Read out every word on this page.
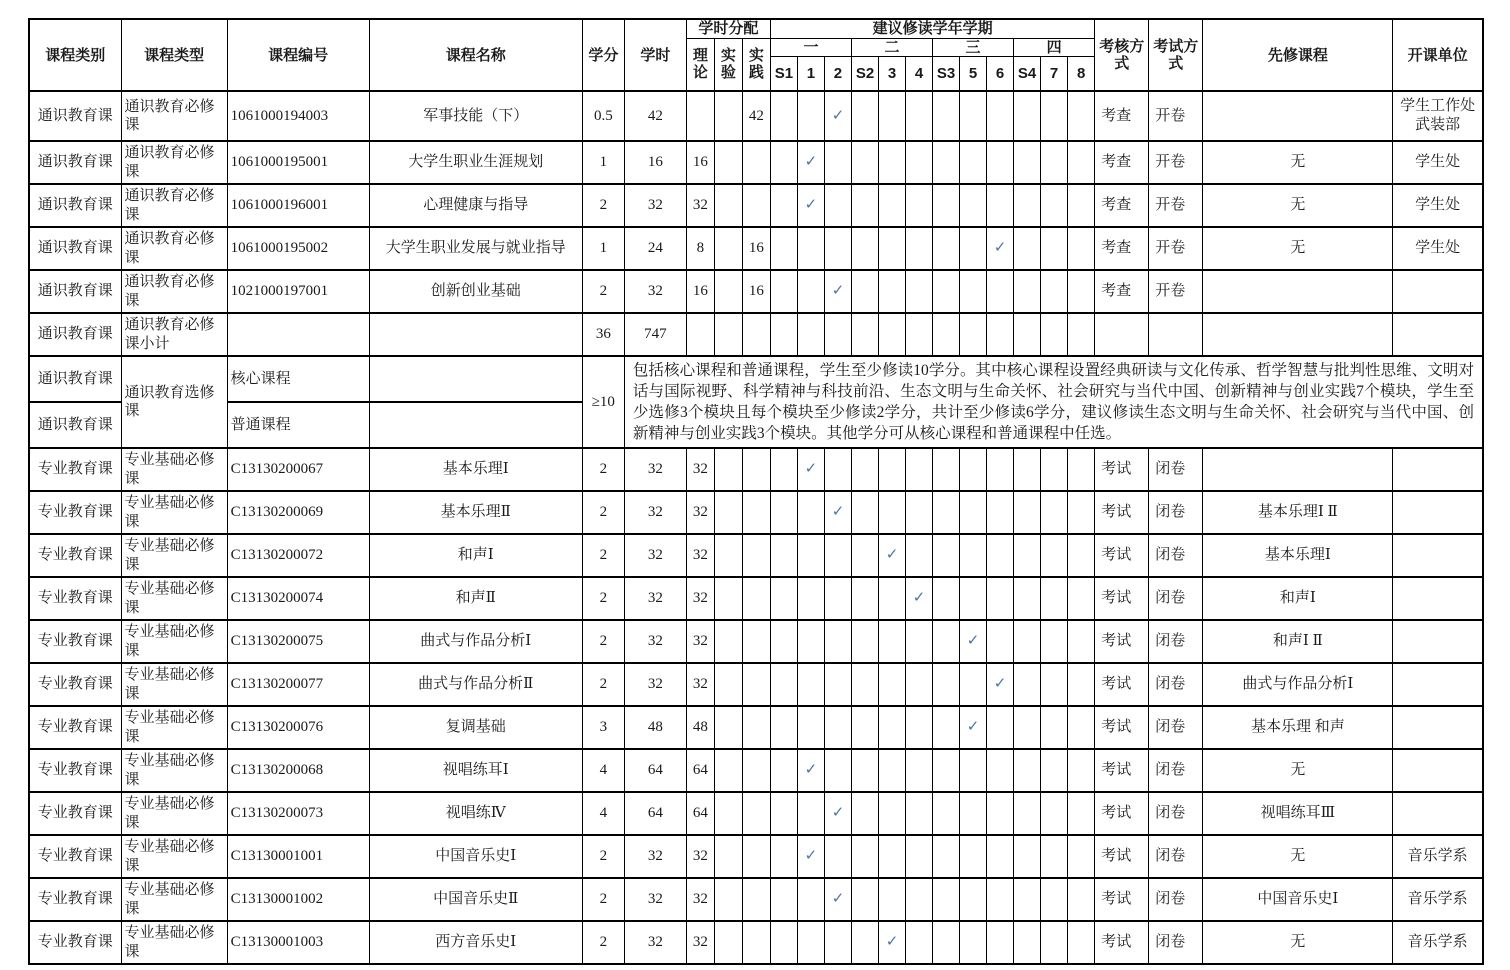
课程类别	课程类型	课程编号	课程名称	学分	学时	学时分配			建议修读学年学期												考核方式	考试方式	先修课程	开课单位
						理论	实验	实践	一			二			三			四						
									S1	1	2	S2	3	4	S3	5	6	S4	7	8				
通识教育课	通识教育必修课	1061000194003	军事技能（下）	0.5	42			42			✓										考查	开卷		学生工作处武装部
通识教育课	通识教育必修课	1061000195001	大学生职业生涯规划	1	16	16				✓											考查	开卷	无	学生处
通识教育课	通识教育必修课	1061000196001	心理健康与指导	2	32	32				✓											考查	开卷	无	学生处
通识教育课	通识教育必修课	1061000195002	大学生职业发展与就业指导	1	24	8		16									✓				考查	开卷	无	学生处
通识教育课	通识教育必修课	1021000197001	创新创业基础	2	32	16		16			✓										考查	开卷		
通识教育课	通识教育必修课小计			36	747																			
通识教育课	通识教育选修课	核心课程		≥10	包括核心课程和普通课程，学生至少修读10学分。其中核心课程设置经典研读与文化传承、哲学智慧与批判性思维、文明对话与国际视野、科学精神与科技前沿、生态文明与生命关怀、社会研究与当代中国、创新精神与创业实践7个模块，学生至少选修3个模块且每个模块至少修读2学分，共计至少修读6学分，建议修读生态文明与生命关怀、社会研究与当代中国、创新精神与创业实践3个模块。其他学分可从核心课程和普通课程中任选。																			
通识教育课		普通课程																						
专业教育课	专业基础必修课	C13130200067	基本乐理Ⅰ	2	32	32				✓											考试	闭卷		
专业教育课	专业基础必修课	C13130200069	基本乐理Ⅱ	2	32	32					✓										考试	闭卷	基本乐理Ⅰ Ⅱ	
专业教育课	专业基础必修课	C13130200072	和声Ⅰ	2	32	32							✓								考试	闭卷	基本乐理Ⅰ	
专业教育课	专业基础必修课	C13130200074	和声Ⅱ	2	32	32								✓							考试	闭卷	和声Ⅰ	
专业教育课	专业基础必修课	C13130200075	曲式与作品分析Ⅰ	2	32	32										✓					考试	闭卷	和声Ⅰ Ⅱ	
专业教育课	专业基础必修课	C13130200077	曲式与作品分析Ⅱ	2	32	32											✓				考试	闭卷	曲式与作品分析Ⅰ	
专业教育课	专业基础必修课	C13130200076	复调基础	3	48	48										✓					考试	闭卷	基本乐理 和声	
专业教育课	专业基础必修课	C13130200068	视唱练耳Ⅰ	4	64	64				✓											考试	闭卷	无	
专业教育课	专业基础必修课	C13130200073	视唱练Ⅳ	4	64	64					✓										考试	闭卷	视唱练耳Ⅲ	
专业教育课	专业基础必修课	C13130001001	中国音乐史Ⅰ	2	32	32				✓											考试	闭卷	无	音乐学系
专业教育课	专业基础必修课	C13130001002	中国音乐史Ⅱ	2	32	32					✓										考试	闭卷	中国音乐史Ⅰ	音乐学系
专业教育课	专业基础必修课	C13130001003	西方音乐史Ⅰ	2	32	32							✓								考试	闭卷	无	音乐学系
